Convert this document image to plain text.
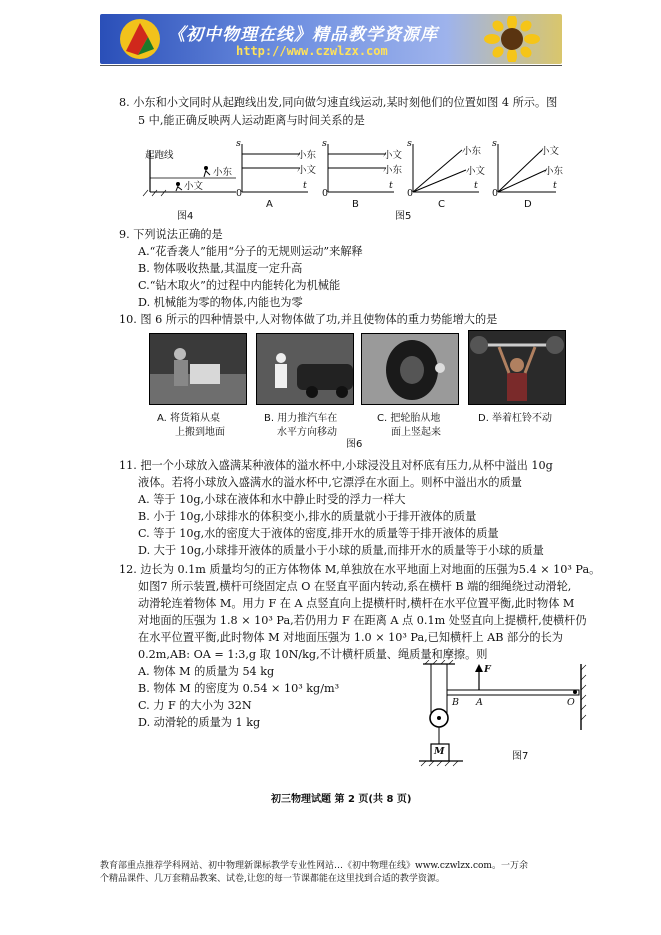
《初中物理在线》精品教学资源库
http://www.czwlzx.com
8. 小东和小文同时从起跑线出发,同向做匀速直线运动,某时刻他们的位置如图 4 所示。图
5 中,能正确反映两人运动距离与时间关系的是
起跑线
小东
小文
图4
s
0
t
小东
小文
A
s
0
t
小文
小东
B
图5
s
0
t
小东
小文
C
s
0
t
小文
小东
D
9. 下列说法正确的是
A.“花香袭人”能用“分子的无规则运动”来解释
B. 物体吸收热量,其温度一定升高
C.“钻木取火”的过程中内能转化为机械能
D. 机械能为零的物体,内能也为零
10. 图 6 所示的四种情景中,人对物体做了功,并且使物体的重力势能增大的是
A. 将货箱从桌
上搬到地面
B. 用力推汽车在
水平方向移动
C. 把轮胎从地
面上竖起来
D. 举着杠铃不动
图6
11. 把一个小球放入盛满某种液体的溢水杯中,小球浸没且对杯底有压力,从杯中溢出 10g
液体。若将小球放入盛满水的溢水杯中,它漂浮在水面上。则杯中溢出水的质量
A. 等于 10g,小球在液体和水中静止时受的浮力一样大
B. 小于 10g,小球排水的体积变小,排水的质量就小于排开液体的质量
C. 等于 10g,水的密度大于液体的密度,排开水的质量等于排开液体的质量
D. 大于 10g,小球排开液体的质量小于小球的质量,而排开水的质量等于小球的质量
12. 边长为 0.1m 质量均匀的正方体物体 M,单独放在水平地面上对地面的压强为5.4 × 10³ Pa。
如图7 所示装置,横杆可绕固定点 O 在竖直平面内转动,系在横杆 B 端的细绳绕过动滑轮,
动滑轮连着物体 M。用力 F 在 A 点竖直向上提横杆时,横杆在水平位置平衡,此时物体 M
对地面的压强为 1.8 × 10³ Pa,若仍用力 F 在距离 A 点 0.1m 处竖直向上提横杆,使横杆仍
在水平位置平衡,此时物体 M 对地面压强为 1.0 × 10³ Pa,已知横杆上 AB 部分的长为
0.2m,AB: OA = 1:3,g 取 10N/kg,不计横杆质量、绳质量和摩擦。则
A. 物体 M 的质量为 54 kg
B. 物体 M 的密度为 0.54 × 10³ kg/m³
C. 力 F 的大小为 32N
D. 动滑轮的质量为 1 kg
F
B A	O
M	图7
初三物理试题 第 2 页(共 8 页)
教育部重点推荐学科网站、初中物理新课标教学专业性网站…《初中物理在线》www.czwlzx.com。一万余
个精品课件、几万套精品教案、试卷,让您的每一节课都能在这里找到合适的教学资源。
